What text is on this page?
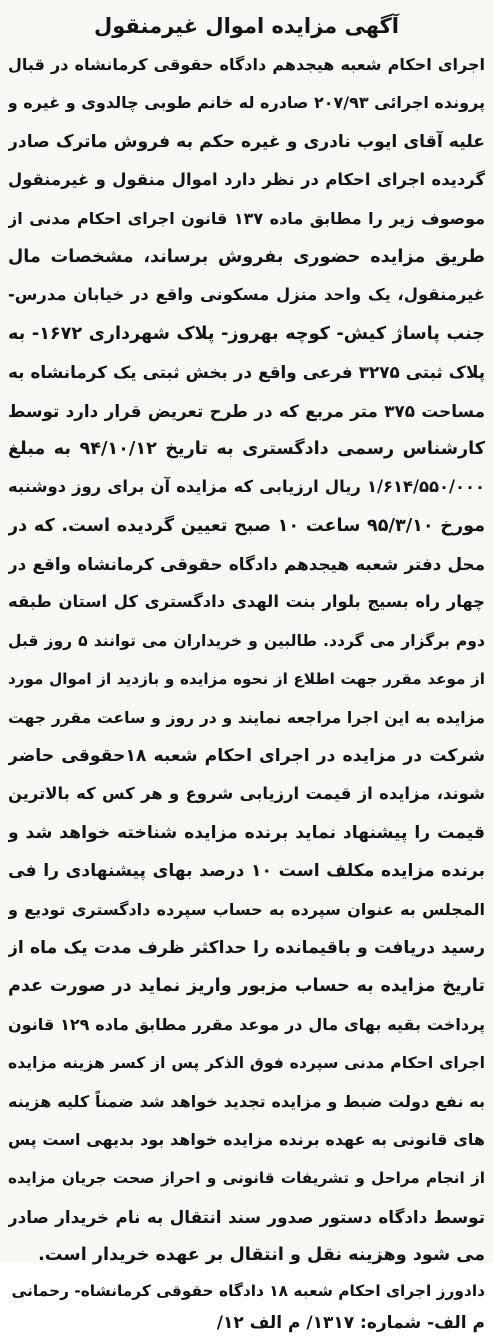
آگهی مزایده اموال غیرمنقول
اجرای احکام شعبه هیجدهم دادگاه حقوقی کرمانشاه در قبال
پرونده اجرائی ۲۰۷/۹۳ صادره له خانم طوبی چالدوی و غیره و
علیه آقای ایوب نادری و غیره حکم به فروش ماترک صادر
گردیده اجرای احکام در نظر دارد اموال منقول و غیرمنقول
موصوف زیر را مطابق ماده ۱۳۷ قانون اجرای احکام مدنی از
طریق مزایده حضوری بفروش برساند، مشخصات مال
غیرمنقول، یک واحد منزل مسکونی واقع در خیابان مدرس-
جنب پاساژ کیش- کوچه بهروز- پلاک شهرداری ۱۶۷۲- به
پلاک ثبتی ۳۲۷۵ فرعی واقع در بخش ثبتی یک کرمانشاه به
مساحت ۳۷۵ متر مربع که در طرح تعریض قرار دارد توسط
کارشناس رسمی دادگستری به تاریخ ۹۴/۱۰/۱۲ به مبلغ
۱/۶۱۴/۵۵۰/۰۰۰ ریال ارزیابی که مزایده آن برای روز دوشنبه
مورخ ۹۵/۳/۱۰ ساعت ۱۰ صبح تعیین گردیده است. که در
محل دفتر شعبه هیجدهم دادگاه حقوقی کرمانشاه واقع در
چهار راه بسیج بلوار بنت الهدی دادگستری کل استان طبقه
دوم برگزار می گردد. طالبین و خریداران می توانند ۵ روز قبل
از موعد مقرر جهت اطلاع از نحوه مزایده و بازدید از اموال مورد
مزایده به این اجرا مراجعه نمایند و در روز و ساعت مقرر جهت
شرکت در مزایده در اجرای احکام شعبه ۱۸حقوقی حاضر
شوند، مزایده از قیمت ارزیابی شروع و هر کس که بالاترین
قیمت را پیشنهاد نماید برنده مزایده شناخته خواهد شد و
برنده مزایده مکلف است ۱۰ درصد بهای پیشنهادی را فی
المجلس به عنوان سپرده به حساب سپرده دادگستری تودیع و
رسید دریافت و باقیمانده را حداکثر ظرف مدت یک ماه از
تاریخ مزایده به حساب مزبور واریز نماید در صورت عدم
پرداخت بقیه بهای مال در موعد مقرر مطابق ماده ۱۲۹ قانون
اجرای احکام مدنی سپرده فوق الذکر پس از کسر هزینه مزایده
به نفع دولت ضبط و مزایده تجدید خواهد شد ضمناً کلیه هزینه
های قانونی به عهده برنده مزایده خواهد بود بدیهی است پس
از انجام مراحل و تشریفات قانونی و احراز صحت جریان مزایده
توسط دادگاه دستور صدور سند انتقال به نام خریدار صادر
می شود وهزینه نقل و انتقال بر عهده خریدار است.
دادورز اجرای احکام شعبه ۱۸ دادگاه حقوقی کرمانشاه- رحمانی
م الف- شماره: ۱۳۱۷/ م الف ۱۲/
